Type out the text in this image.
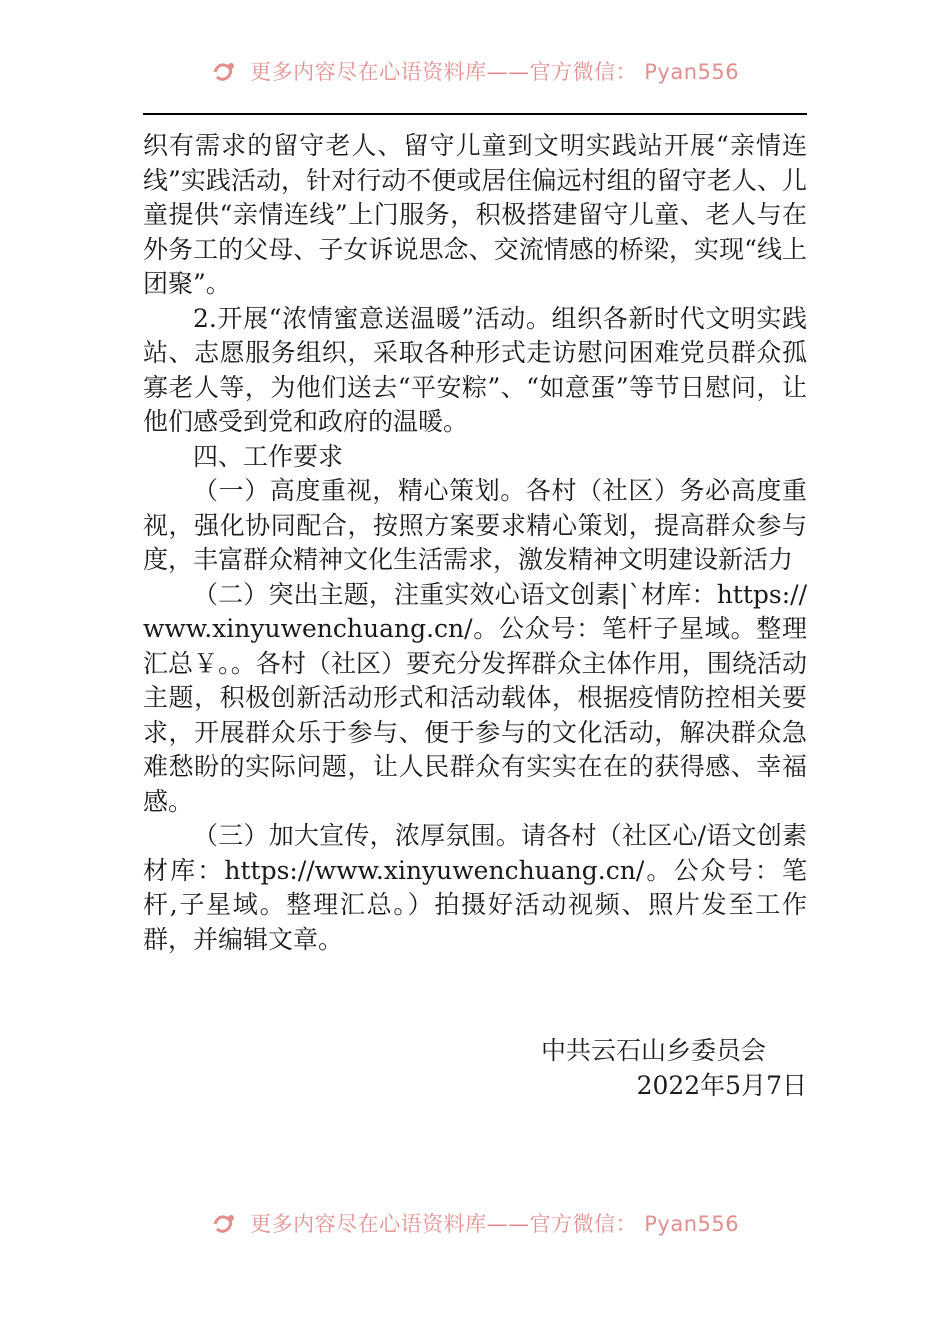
更多内容尽在心语资料库——官方微信： Pyan556

织有需求的留守老人、留守儿童到文明实践站开展“亲情连线”实践活动，针对行动不便或居住偏远村组的留守老人、儿童提供“亲情连线”上门服务，积极搭建留守儿童、老人与在外务工的父母、子女诉说思念、交流情感的桥梁，实现“线上团聚”。

2.开展“浓情蜜意送温暖”活动。组织各新时代文明实践站、志愿服务组织，采取各种形式走访慰问困难党员群众孤寡老人等，为他们送去“平安粽”、“如意蛋”等节日慰问，让他们感受到党和政府的温暖。

四、工作要求

（一）高度重视，精心策划。各村（社区）务必高度重视，强化协同配合，按照方案要求精心策划，提高群众参与度，丰富群众精神文化生活需求，激发精神文明建设新活力

（二）突出主题，注重实效心语文创素|`材库：https://www.xinyuwenchuang.cn/。公众号：笔杆子星域。整理汇总￥。。各村（社区）要充分发挥群众主体作用，围绕活动主题，积极创新活动形式和活动载体，根据疫情防控相关要求，开展群众乐于参与、便于参与的文化活动，解决群众急难愁盼的实际问题，让人民群众有实实在在的获得感、幸福感。

（三）加大宣传，浓厚氛围。请各村（社区心/语文创素材库：https://www.xinyuwenchuang.cn/。公众号：笔杆,子星域。整理汇总。）拍摄好活动视频、照片发至工作群，并编辑文章。

中共云石山乡委员会
2022年5月7日
更多内容尽在心语资料库——官方微信： Pyan556
